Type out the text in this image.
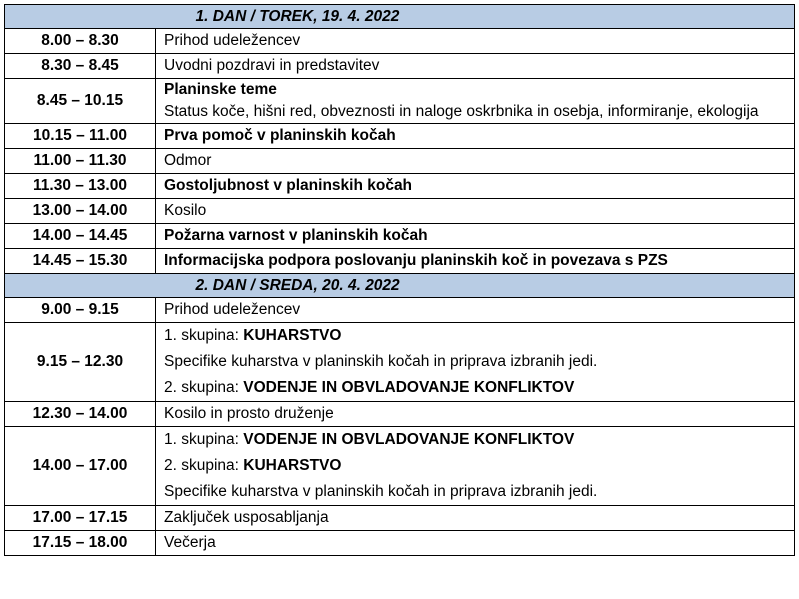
	1. DAN / TOREK, 19. 4. 2022
8.00 – 8.30	Prihod udeležencev

8.30 – 8.45	Uvodni pozdravi in predstavitev

8.45 – 10.15	Planinske teme
Status koče, hišni red, obveznosti in naloge oskrbnika in osebja, informiranje, ekologija

10.15 – 11.00	Prva pomoč v planinskih kočah

11.00 – 11.30	Odmor

11.30 – 13.00	Gostoljubnost v planinskih kočah

13.00 – 14.00	Kosilo

14.00 – 14.45	Požarna varnost v planinskih kočah

14.45 – 15.30	Informacijska podpora poslovanju planinskih koč in povezava s PZS

	2. DAN / SREDA, 20. 4. 2022
9.00 – 9.15	Prihod udeležencev

9.15 – 12.30	1. skupina: KUHARSTVO
Specifike kuharstva v planinskih kočah in priprava izbranih jedi.
2. skupina: VODENJE IN OBVLADOVANJE KONFLIKTOV

12.30 – 14.00	Kosilo in prosto druženje

14.00 – 17.00	1. skupina: VODENJE IN OBVLADOVANJE KONFLIKTOV
2. skupina: KUHARSTVO
Specifike kuharstva v planinskih kočah in priprava izbranih jedi.

17.00 – 17.15	Zaključek usposabljanja

17.15 – 18.00	Večerja
